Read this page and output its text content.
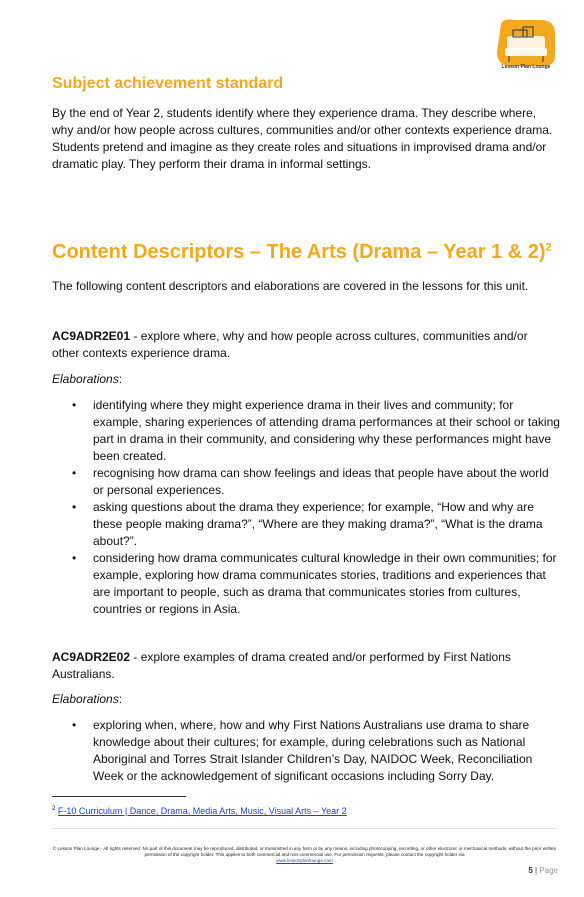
Lesson Plan Lounge
Subject achievement standard
By the end of Year 2, students identify where they experience drama. They describe where, why and/or how people across cultures, communities and/or other contexts experience drama. Students pretend and imagine as they create roles and situations in improvised drama and/or dramatic play. They perform their drama in informal settings.
Content Descriptors – The Arts (Drama – Year 1 & 2)$^2$
The following content descriptors and elaborations are covered in the lessons for this unit.
AC9ADR2E01 - explore where, why and how people across cultures, communities and/or other contexts experience drama.
Elaborations:
• identifying where they might experience drama in their lives and community; for example, sharing experiences of attending drama performances at their school or taking part in drama in their community, and considering why these performances might have been created.
• recognising how drama can show feelings and ideas that people have about the world or personal experiences.
• asking questions about the drama they experience; for example, “How and why are these people making drama?”, “Where are they making drama?”, “What is the drama about?”.
• considering how drama communicates cultural knowledge in their own communities; for example, exploring how drama communicates stories, traditions and experiences that are important to people, such as drama that communicates stories from cultures, countries or regions in Asia.
AC9ADR2E02 - explore examples of drama created and/or performed by First Nations Australians.
Elaborations:
• exploring when, where, how and why First Nations Australians use drama to share knowledge about their cultures; for example, during celebrations such as National Aboriginal and Torres Strait Islander Children’s Day, NAIDOC Week, Reconciliation Week or the acknowledgement of significant occasions including Sorry Day.
$^2$ F-10 Curriculum | Dance, Drama, Media Arts, Music, Visual Arts – Year 2
© Lesson Plan Lounge - All rights reserved. No part of this document may be reproduced, distributed, or transmitted in any form or by any means, including photocopying, recording, or other electronic or mechanical methods, without the prior written permission of the copyright holder. This applies to both commercial and non-commercial use. For permission requests, please contact the copyright holder via
www.lessonplanlounge.com
5 | Page
